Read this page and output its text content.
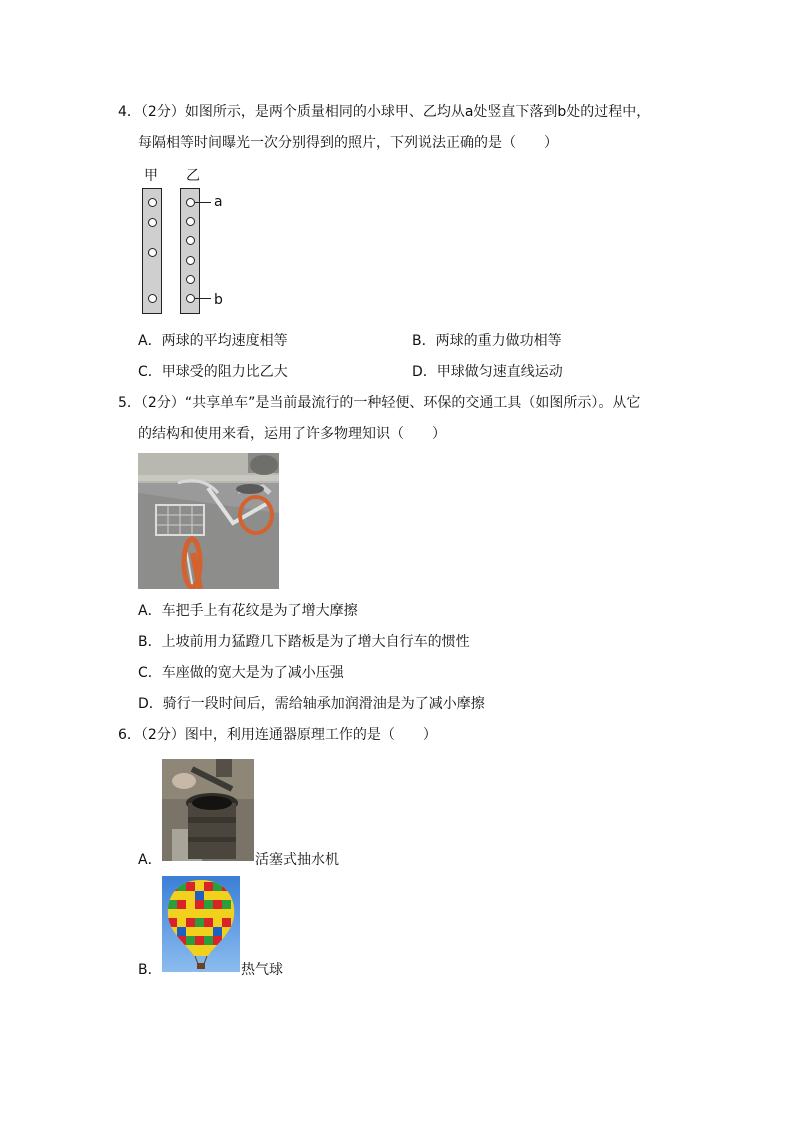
4．（2分）如图所示，是两个质量相同的小球甲、乙均从a处竖直下落到b处的过程中，
每隔相等时间曝光一次分别得到的照片，下列说法正确的是（　　）
甲 乙
a
b
A．两球的平均速度相等	B．两球的重力做功相等
C．甲球受的阻力比乙大	D．甲球做匀速直线运动
5．（2分）“共享单车”是当前最流行的一种轻便、环保的交通工具（如图所示）。从它
的结构和使用来看，运用了许多物理知识（　　）
A．车把手上有花纹是为了增大摩擦
B．上坡前用力猛蹬几下踏板是为了增大自行车的惯性
C．车座做的宽大是为了减小压强
D．骑行一段时间后，需给轴承加润滑油是为了减小摩擦
6．（2分）图中，利用连通器原理工作的是（　　）
A．	活塞式抽水机
B．	热气球
